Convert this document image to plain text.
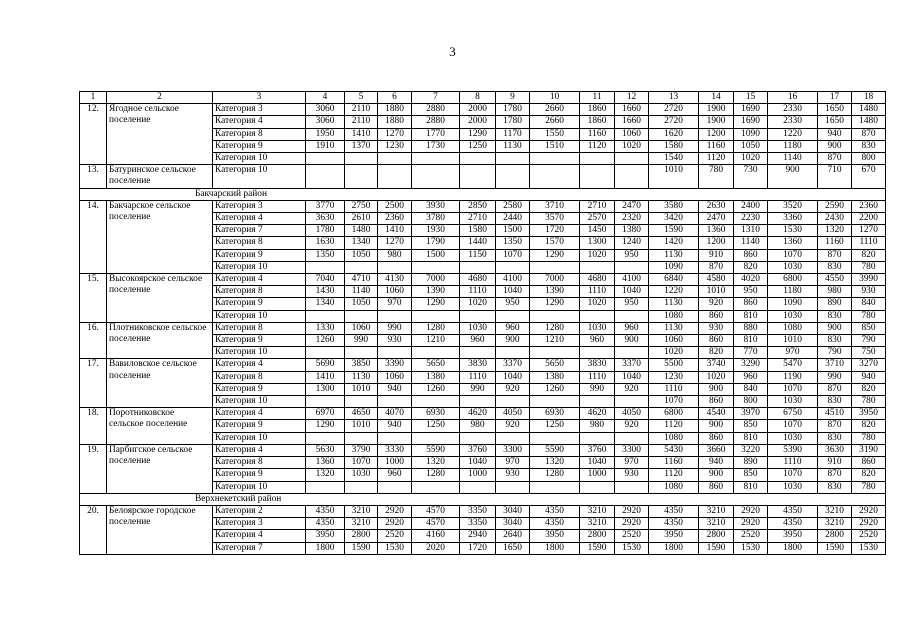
3
1	2	3	4	5	6	7	8	9	10	11	12	13	14	15	16	17	18
12.	Ягодное сельское поселение	Категория 3	3060	2110	1880	2880	2000	1780	2660	1860	1660	2720	1900	1690	2330	1650	1480
		Категория 4	3060	2110	1880	2880	2000	1780	2660	1860	1660	2720	1900	1690	2330	1650	1480
		Категория 8	1950	1410	1270	1770	1290	1170	1550	1160	1060	1620	1200	1090	1220	940	870
		Категория 9	1910	1370	1230	1730	1250	1130	1510	1120	1020	1580	1160	1050	1180	900	830
		Категория 10										1540	1120	1020	1140	870	800
13.	Батуринское сельское поселение	Категория 10										1010	780	730	900	710	670
Бакчарский район																	
14.	Бакчарское сельское поселение	Категория 3	3770	2750	2500	3930	2850	2580	3710	2710	2470	3580	2630	2400	3520	2590	2360
		Категория 4	3630	2610	2360	3780	2710	2440	3570	2570	2320	3420	2470	2230	3360	2430	2200
		Категория 7	1780	1480	1410	1930	1580	1500	1720	1450	1380	1590	1360	1310	1530	1320	1270
		Категория 8	1630	1340	1270	1790	1440	1350	1570	1300	1240	1420	1200	1140	1360	1160	1110
		Категория 9	1350	1050	980	1500	1150	1070	1290	1020	950	1130	910	860	1070	870	820
		Категория 10										1090	870	820	1030	830	780
15.	Высокоярское сельское поселение	Категория 4	7040	4710	4130	7000	4680	4100	7000	4680	4100	6840	4580	4020	6800	4550	3990
		Категория 8	1430	1140	1060	1390	1110	1040	1390	1110	1040	1220	1010	950	1180	980	930
		Категория 9	1340	1050	970	1290	1020	950	1290	1020	950	1130	920	860	1090	890	840
		Категория 10										1080	860	810	1030	830	780
16.	Плотниковское сельское поселение	Категория 8	1330	1060	990	1280	1030	960	1280	1030	960	1130	930	880	1080	900	850
		Категория 9	1260	990	930	1210	960	900	1210	960	900	1060	860	810	1010	830	790
		Категория 10										1020	820	770	970	790	750
17.	Вавиловское сельское поселение	Категория 4	5690	3850	3390	5650	3830	3370	5650	3830	3370	5500	3740	3290	5470	3710	3270
		Категория 8	1410	1130	1060	1380	1110	1040	1380	1110	1040	1230	1020	960	1190	990	940
		Категория 9	1300	1010	940	1260	990	920	1260	990	920	1110	900	840	1070	870	820
		Категория 10										1070	860	800	1030	830	780
18.	Поротниковское сельское поселение	Категория 4	6970	4650	4070	6930	4620	4050	6930	4620	4050	6800	4540	3970	6750	4510	3950
		Категория 9	1290	1010	940	1250	980	920	1250	980	920	1120	900	850	1070	870	820
		Категория 10										1080	860	810	1030	830	780
19.	Парбигское сельское поселение	Категория 4	5630	3790	3330	5590	3760	3300	5590	3760	3300	5430	3660	3220	5390	3630	3190
		Категория 8	1360	1070	1000	1320	1040	970	1320	1040	970	1160	940	890	1110	910	860
		Категория 9	1320	1030	960	1280	1000	930	1280	1000	930	1120	900	850	1070	870	820
		Категория 10										1080	860	810	1030	830	780
Верхнекетский район																	
20.	Белоярское городское поселение	Категория 2	4350	3210	2920	4570	3350	3040	4350	3210	2920	4350	3210	2920	4350	3210	2920
		Категория 3	4350	3210	2920	4570	3350	3040	4350	3210	2920	4350	3210	2920	4350	3210	2920
		Категория 4	3950	2800	2520	4160	2940	2640	3950	2800	2520	3950	2800	2520	3950	2800	2520
		Категория 7	1800	1590	1530	2020	1720	1650	1800	1590	1530	1800	1590	1530	1800	1590	1530
